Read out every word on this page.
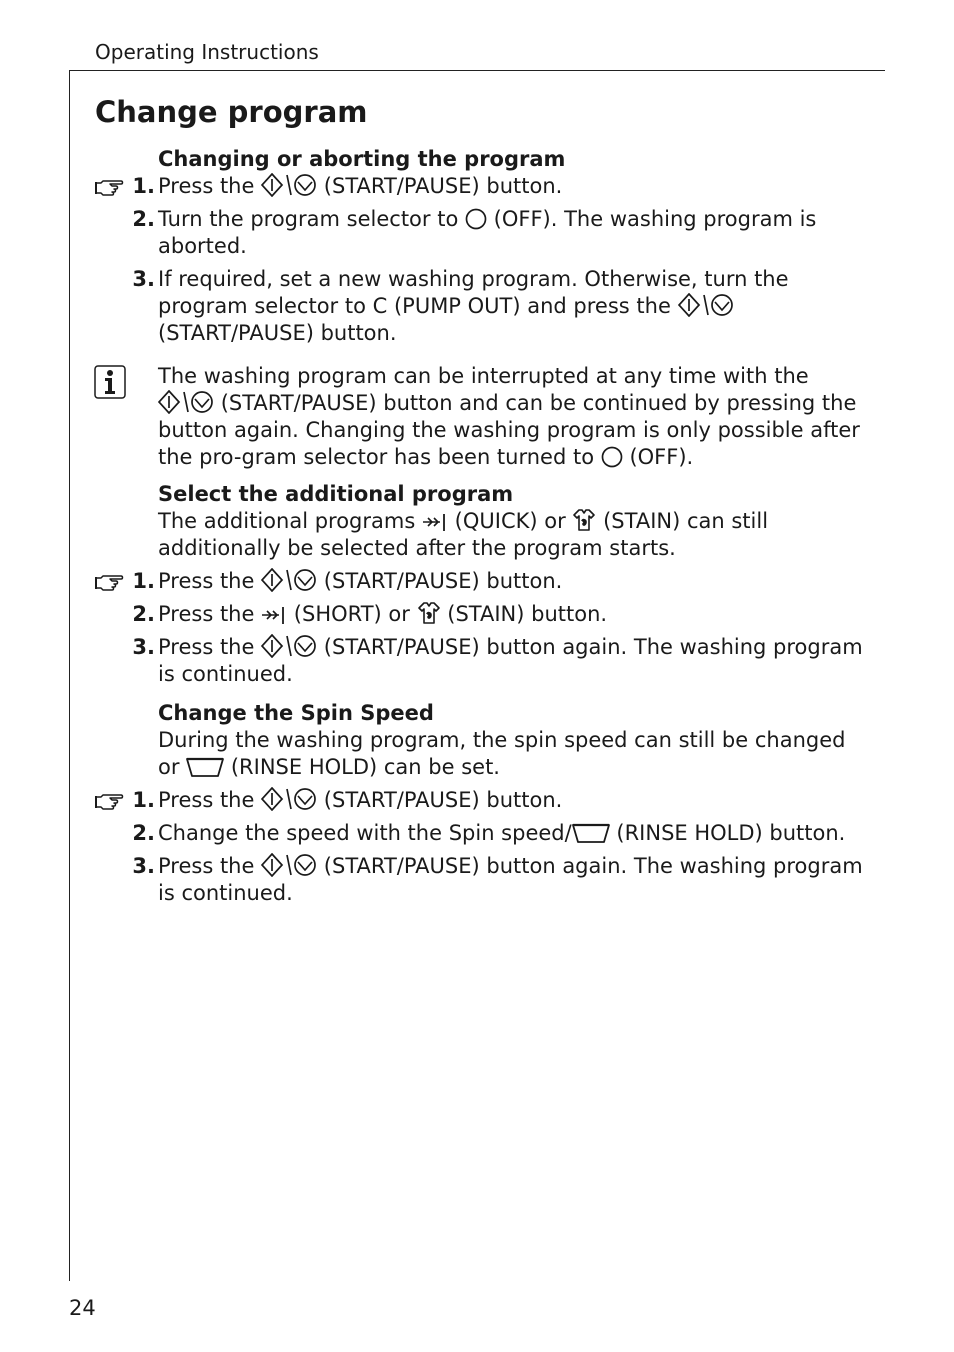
Operating Instructions
Change program
Changing or aborting the program
1. Press the	(START/PAUSE) button.
2. Turn the program selector to (OFF). The washing program is aborted.
3. If required, set a new washing program. Otherwise, turn the program selector to C (PUMP OUT) and press the
(START/PAUSE) button.
The washing program can be interrupted at any time with the
(START/PAUSE) button and can be continued by pressing the button again. Changing the washing program is only possible after the pro-gram selector has been turned to (OFF).
Select the additional program
The additional programs (QUICK) or (STAIN) can still additionally be selected after the program starts.
1. Press the	(START/PAUSE) button.
2. Press the (SHORT) or (STAIN) button.
3. Press the	(START/PAUSE) button again. The washing program is continued.
Change the Spin Speed
During the washing program, the spin speed can still be changed or (RINSE HOLD) can be set.
1. Press the	(START/PAUSE) button.
2. Change the speed with the Spin speed/ (RINSE HOLD) button.
3. Press the	(START/PAUSE) button again. The washing program is continued.
24
